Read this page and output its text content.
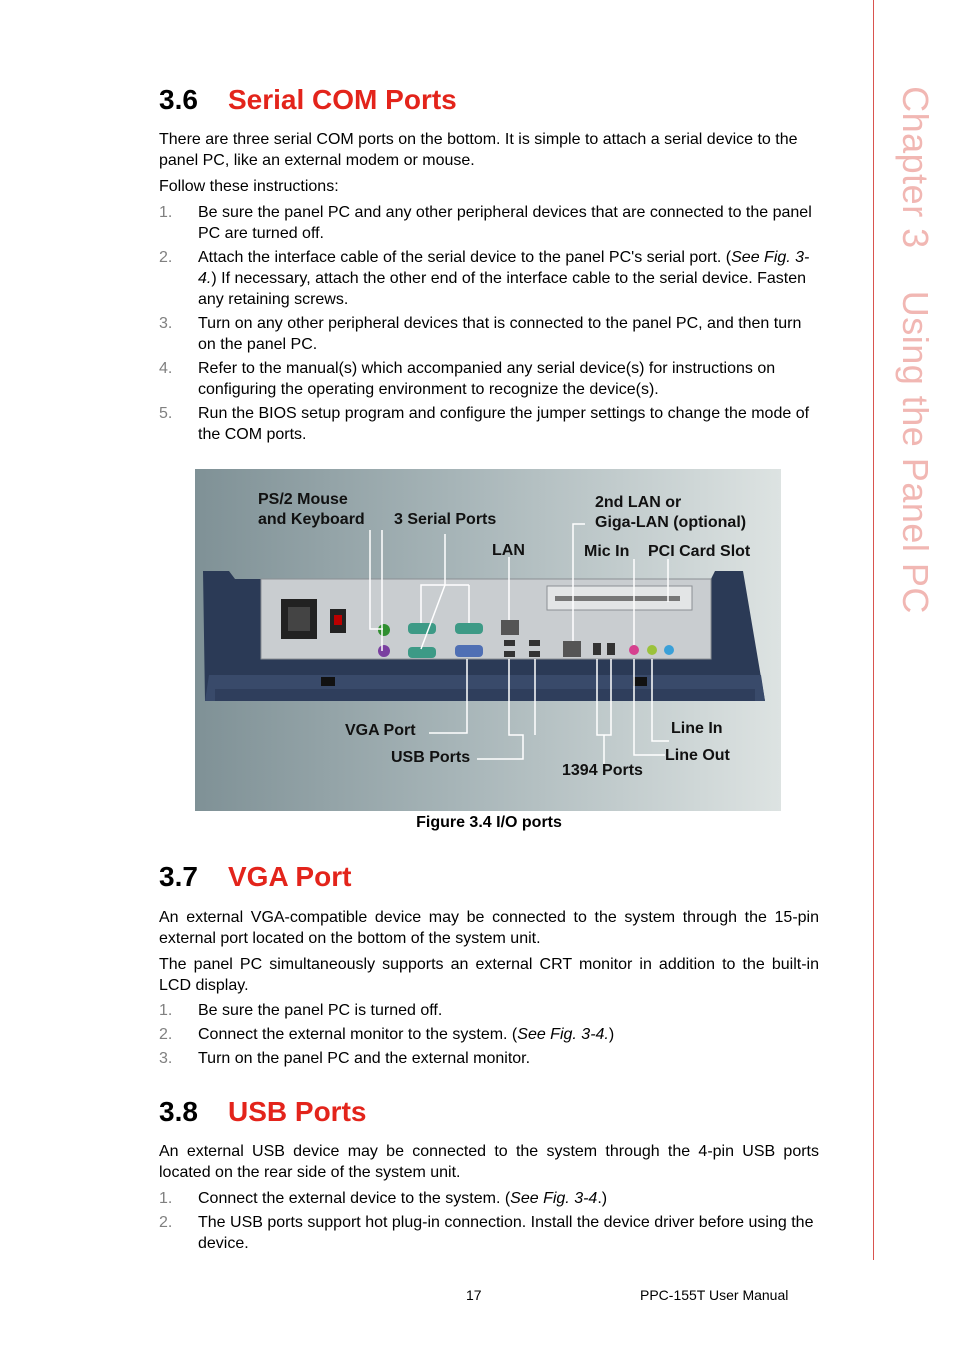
Chapter 3    Using the Panel PC
3.6 Serial COM Ports

There are three serial COM ports on the bottom. It is simple to attach a serial device to the panel PC, like an external modem or mouse.

Follow these instructions:

1. Be sure the panel PC and any other peripheral devices that are connected to the panel PC are turned off.
2. Attach the interface cable of the serial device to the panel PC's serial port. (See Fig. 3-4.) If necessary, attach the other end of the interface cable to the serial device. Fasten any retaining screws.
3. Turn on any other peripheral devices that is connected to the panel PC, and then turn on the panel PC.
4. Refer to the manual(s) which accompanied any serial device(s) for instructions on configuring the operating environment to recognize the device(s).
5. Run the BIOS setup program and configure the jumper settings to change the mode of the COM ports.
PS/2 Mouse
and Keyboard 3 Serial Ports
LAN
2nd LAN or
Giga-LAN (optional)
Mic In PCI Card Slot
VGA Port
USB Ports
1394 Ports
Line In
Line Out
Figure 3.4 I/O ports
3.7 VGA Port

An external VGA-compatible device may be connected to the system through the 15-pin external port located on the bottom of the system unit.

The panel PC simultaneously supports an external CRT monitor in addition to the built-in LCD display.

1. Be sure the panel PC is turned off.
2. Connect the external monitor to the system. (See Fig. 3-4.)
3. Turn on the panel PC and the external monitor.
3.8 USB Ports

An external USB device may be connected to the system through the 4-pin USB ports located on the rear side of the system unit.

1. Connect the external device to the system. (See Fig. 3-4.)
2. The USB ports support hot plug-in connection. Install the device driver before using the device.
17	PPC-155T User Manual
